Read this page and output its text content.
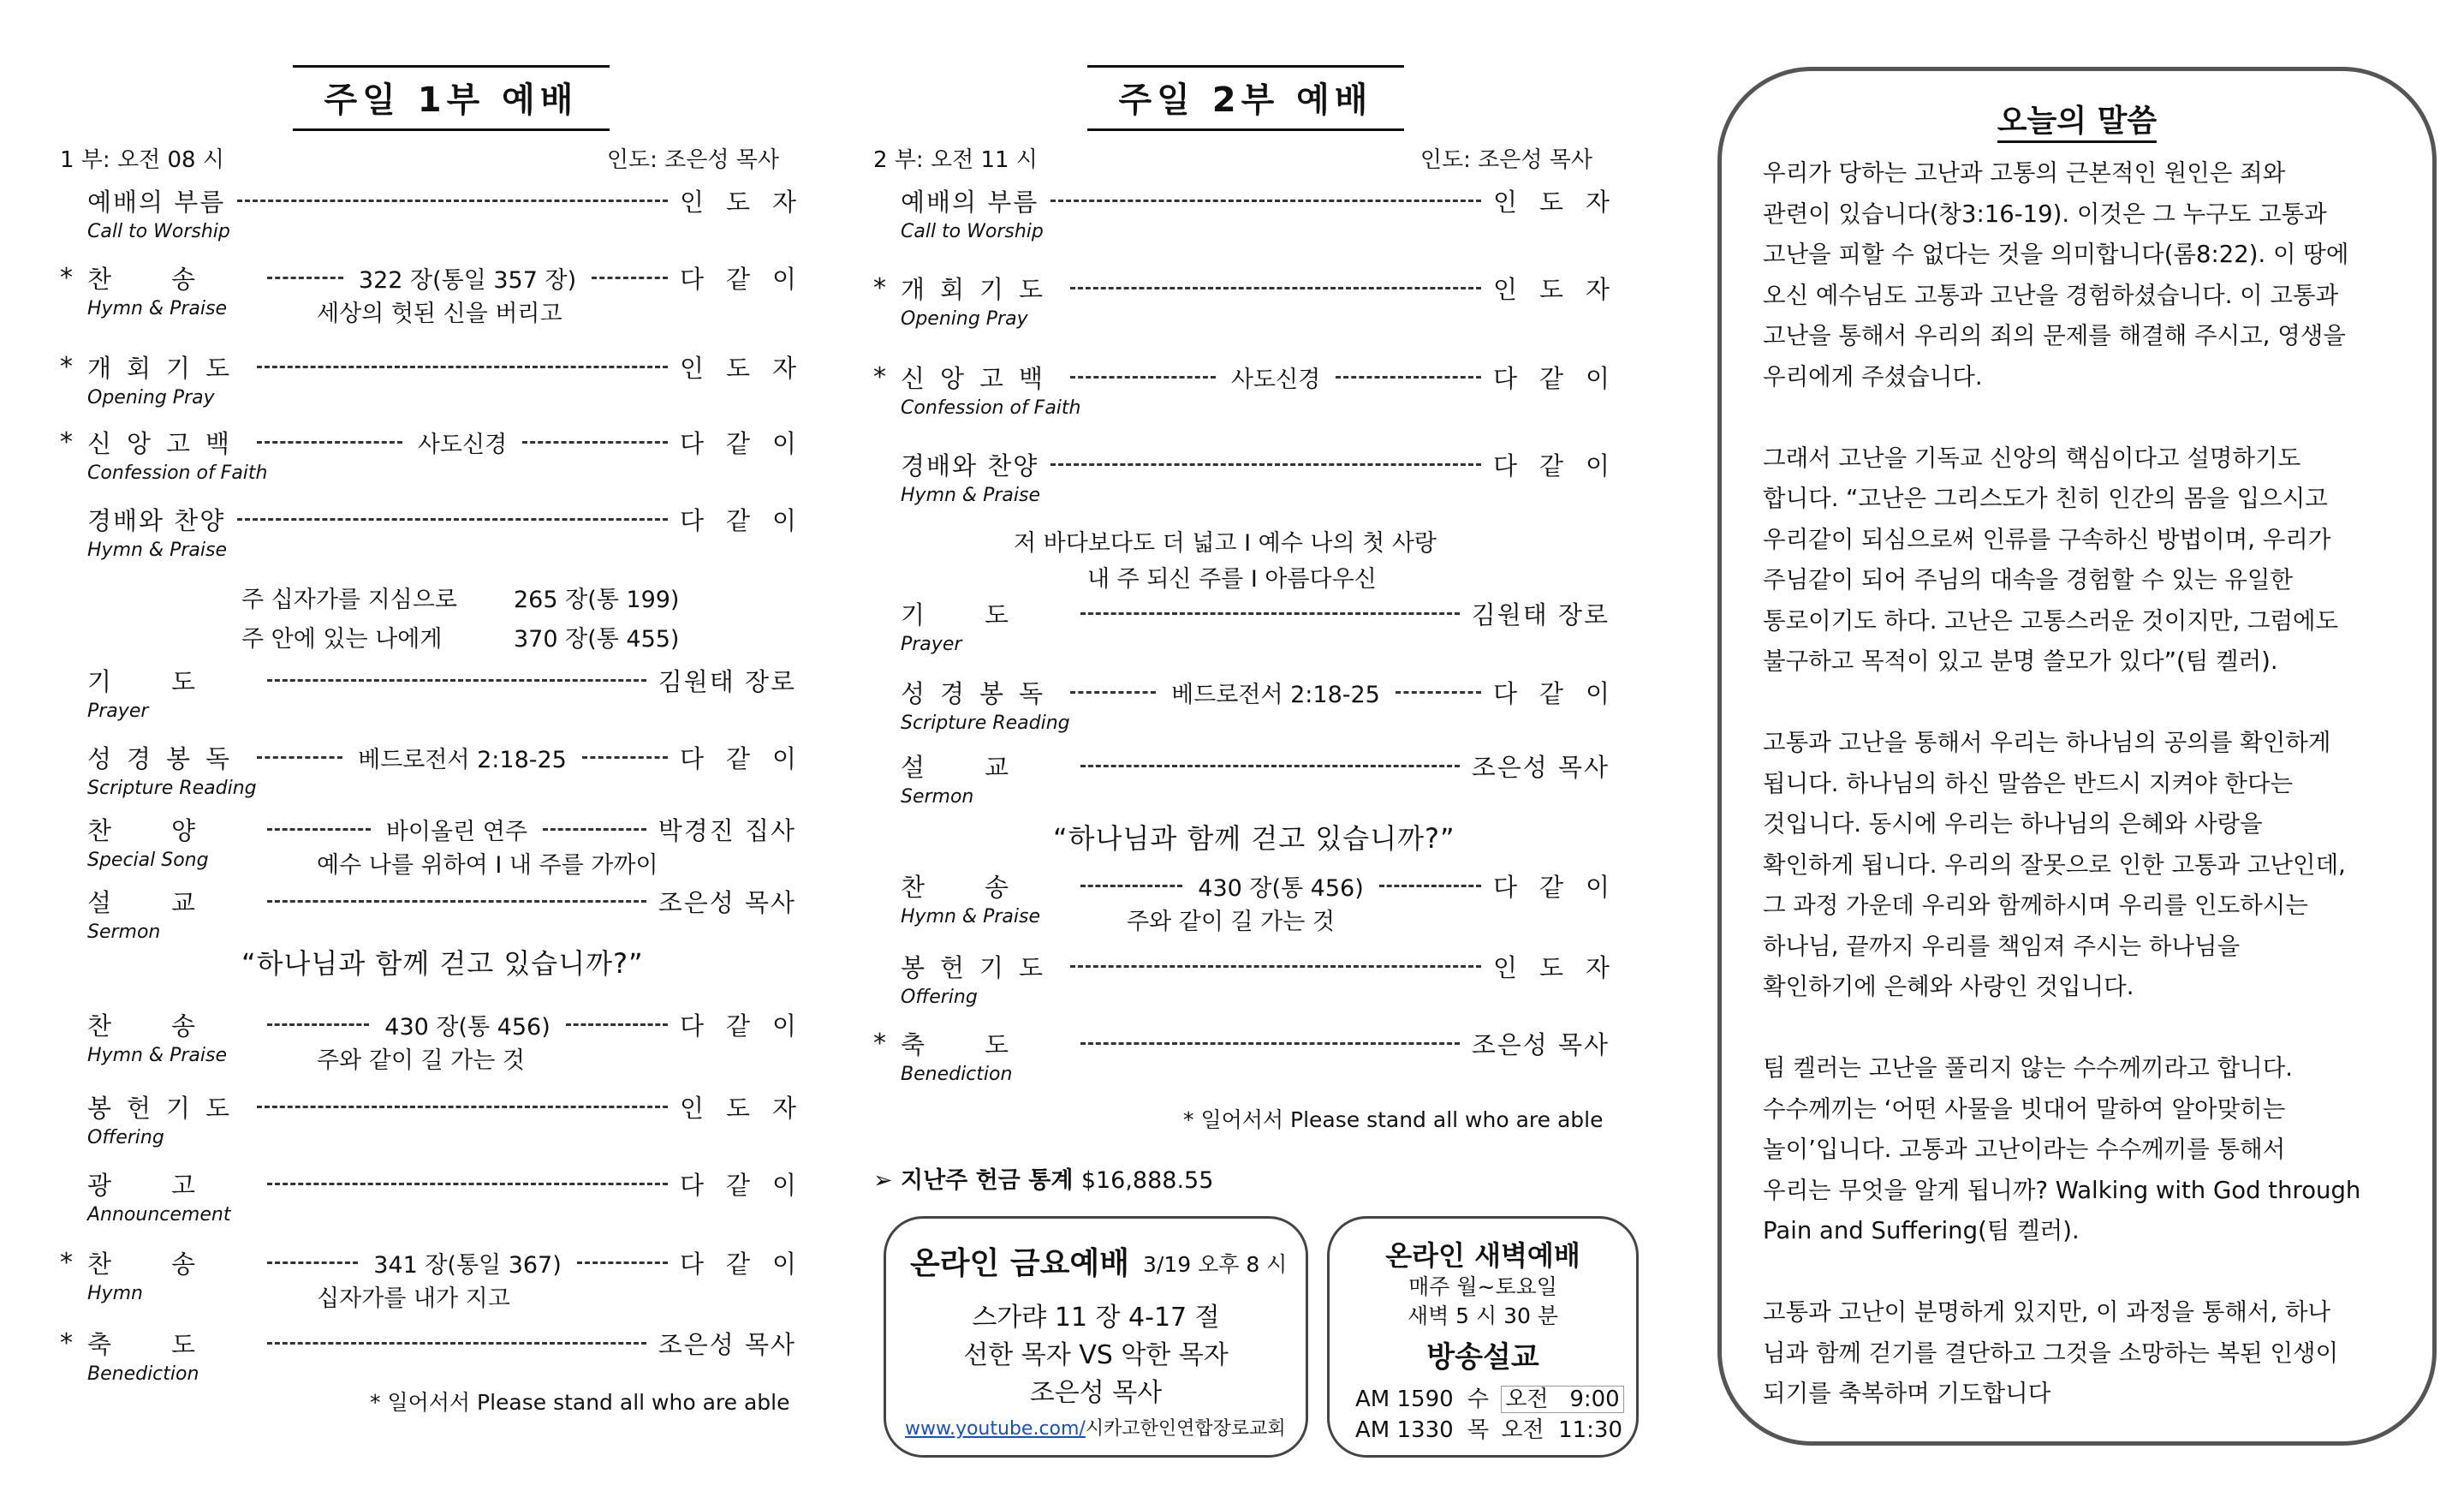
주일 1부 예배
1 부: 오전 08 시	인도: 조은성 목사
예배의 부름	인도자
Call to Worship
* 찬송	322 장(통일 357 장)	다같이
Hymn & Praise	세상의 헛된 신을 버리고
* 개회기도	인도자
Opening Pray
* 신앙고백	사도신경	다같이
Confession of Faith
경배와 찬양	다같이
Hymn & Praise
기도	김원태 장로
Prayer
성경봉독	베드로전서 2:18-25	다같이
Scripture Reading
찬양	바이올린 연주	박경진 집사
Special Song	예수 나를 위하여 I 내 주를 가까이
설교	조은성 목사
Sermon
찬송	430 장(통 456)	다같이
Hymn & Praise	주와 같이 길 가는 것
봉헌기도	인도자
Offering
광고	다같이
Announcement
* 찬송	341 장(통일 367)	다같이
Hymn	십자가를 내가 지고
* 축도	조은성 목사
Benediction
주 십자가를 지심으로 265 장(통 199)
주 안에 있는 나에게	370 장(통 455)
“하나님과 함께 걷고 있습니까?”
* 일어서서 Please stand all who are able
주일 2부 예배
2 부: 오전 11 시	인도: 조은성 목사
예배의 부름	인도자
Call to Worship
* 개회기도	인도자
Opening Pray
* 신앙고백	사도신경	다같이
Confession of Faith
경배와 찬양	다같이
Hymn & Praise
기도	김원태 장로
Prayer
성경봉독	베드로전서 2:18-25	다같이
Scripture Reading
설교	조은성 목사
Sermon
찬송	430 장(통 456)	다같이
Hymn & Praise	주와 같이 길 가는 것
봉헌기도	인도자
Offering
* 축도	조은성 목사
Benediction
저 바다보다도 더 넓고 I 예수 나의 첫 사랑
내 주 되신 주를 I 아름다우신
“하나님과 함께 걷고 있습니까?”
* 일어서서 Please stand all who are able
➢ 지난주 헌금 통계 $16,888.55
온라인 금요예배 3/19 오후 8 시
스가랴 11 장 4-17 절
선한 목자 VS 악한 목자
조은성 목사
www.youtube.com/시카고한인연합장로교회
온라인 새벽예배
매주 월~토요일
새벽 5 시 30 분
방송설교
AM 1590 수 오전   9:00
AM 1330 목 오전  11:30
오늘의 말씀
우리가 당하는 고난과 고통의 근본적인 원인은 죄와
관련이 있습니다(창3:16-19). 이것은 그 누구도 고통과
고난을 피할 수 없다는 것을 의미합니다(롬8:22). 이 땅에
오신 예수님도 고통과 고난을 경험하셨습니다. 이 고통과
고난을 통해서 우리의 죄의 문제를 해결해 주시고, 영생을
우리에게 주셨습니다.
그래서 고난을 기독교 신앙의 핵심이다고 설명하기도
합니다. “고난은 그리스도가 친히 인간의 몸을 입으시고
우리같이 되심으로써 인류를 구속하신 방법이며, 우리가
주님같이 되어 주님의 대속을 경험할 수 있는 유일한
통로이기도 하다. 고난은 고통스러운 것이지만, 그럼에도
불구하고 목적이 있고 분명 쓸모가 있다”(팀 켈러).
고통과 고난을 통해서 우리는 하나님의 공의를 확인하게
됩니다. 하나님의 하신 말씀은 반드시 지켜야 한다는
것입니다. 동시에 우리는 하나님의 은혜와 사랑을
확인하게 됩니다. 우리의 잘못으로 인한 고통과 고난인데,
그 과정 가운데 우리와 함께하시며 우리를 인도하시는
하나님, 끝까지 우리를 책임져 주시는 하나님을
확인하기에 은혜와 사랑인 것입니다.
팀 켈러는 고난을 풀리지 않는 수수께끼라고 합니다.
수수께끼는 ‘어떤 사물을 빗대어 말하여 알아맞히는
놀이’입니다. 고통과 고난이라는 수수께끼를 통해서
우리는 무엇을 알게 됩니까? Walking with God through
Pain and Suffering(팀 켈러).
고통과 고난이 분명하게 있지만, 이 과정을 통해서, 하나
님과 함께 걷기를 결단하고 그것을 소망하는 복된 인생이
되기를 축복하며 기도합니다
